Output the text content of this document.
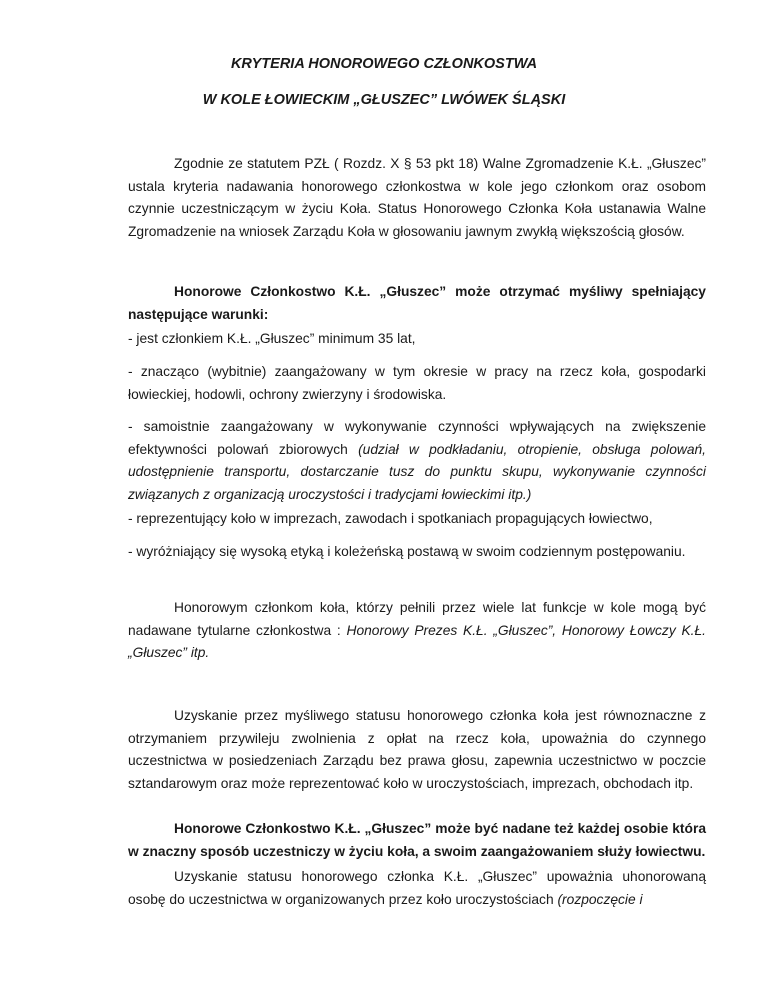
KRYTERIA HONOROWEGO CZŁONKOSTWA
W KOLE ŁOWIECKIM „GŁUSZEC” LWÓWEK ŚLĄSKI

Zgodnie ze statutem PZŁ ( Rozdz. X § 53 pkt 18) Walne Zgromadzenie K.Ł. „Głuszec” ustala kryteria nadawania honorowego członkostwa w kole jego członkom oraz osobom czynnie uczestniczącym w życiu Koła. Status Honorowego Członka Koła ustanawia Walne Zgromadzenie na wniosek Zarządu Koła w głosowaniu jawnym zwykłą większością głosów.

Honorowe Członkostwo K.Ł. „Głuszec” może otrzymać myśliwy spełniający następujące warunki:

- jest członkiem K.Ł. „Głuszec” minimum 35 lat,

- znacząco (wybitnie) zaangażowany w tym okresie w pracy na rzecz koła, gospodarki łowieckiej, hodowli, ochrony zwierzyny i środowiska.

- samoistnie zaangażowany w wykonywanie czynności wpływających na zwiększenie efektywności polowań zbiorowych (udział w podkładaniu, otropienie, obsługa polowań, udostępnienie transportu, dostarczanie tusz do punktu skupu, wykonywanie czynności związanych z organizacją uroczystości i tradycjami łowieckimi itp.)

- reprezentujący koło w imprezach, zawodach i spotkaniach propagujących łowiectwo,

- wyróżniający się wysoką etyką i koleżeńską postawą w swoim codziennym postępowaniu.

Honorowym członkom koła, którzy pełnili przez wiele lat funkcje w kole mogą być nadawane tytularne członkostwa : Honorowy Prezes K.Ł. „Głuszec”, Honorowy Łowczy K.Ł. „Głuszec” itp.

Uzyskanie przez myśliwego statusu honorowego członka koła jest równoznaczne z otrzymaniem przywileju zwolnienia z opłat na rzecz koła, upoważnia do czynnego uczestnictwa w posiedzeniach Zarządu bez prawa głosu, zapewnia uczestnictwo w poczcie sztandarowym oraz może reprezentować koło w uroczystościach, imprezach, obchodach itp.

Honorowe Członkostwo K.Ł. „Głuszec” może być nadane też każdej osobie która w znaczny sposób uczestniczy w życiu koła, a swoim zaangażowaniem służy łowiectwu.

Uzyskanie statusu honorowego członka K.Ł. „Głuszec” upoważnia uhonorowaną osobę do uczestnictwa w organizowanych przez koło uroczystościach (rozpoczęcie i
